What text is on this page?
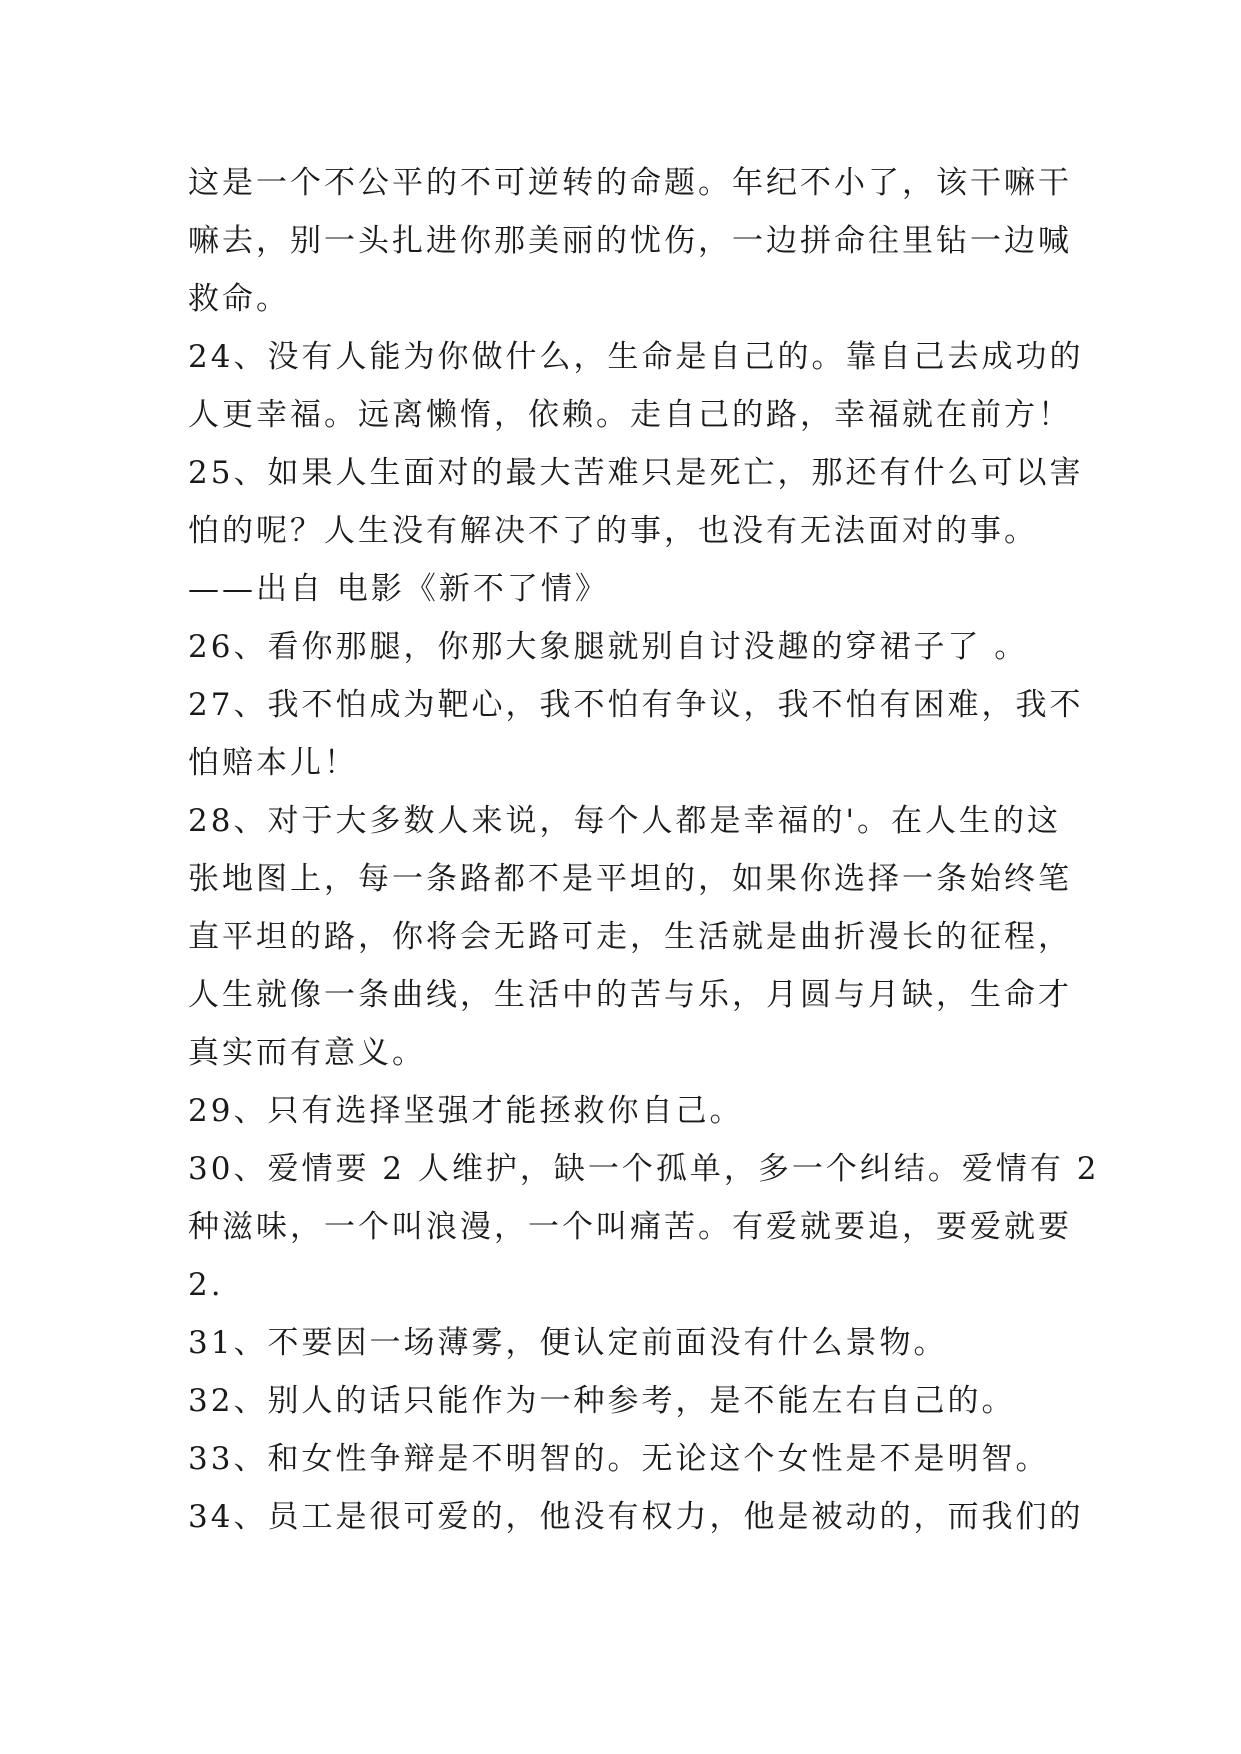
这是一个不公平的不可逆转的命题。年纪不小了，该干嘛干
嘛去，别一头扎进你那美丽的忧伤，一边拼命往里钻一边喊
救命。
24、没有人能为你做什么，生命是自己的。靠自己去成功的
人更幸福。远离懒惰，依赖。走自己的路，幸福就在前方！
25、如果人生面对的最大苦难只是死亡，那还有什么可以害
怕的呢？人生没有解决不了的事，也没有无法面对的事。
——出自 电影《新不了情》
26、看你那腿，你那大象腿就别自讨没趣的穿裙子了 。
27、我不怕成为靶心，我不怕有争议，我不怕有困难，我不
怕赔本儿！
28、对于大多数人来说，每个人都是幸福的'。在人生的这
张地图上，每一条路都不是平坦的，如果你选择一条始终笔
直平坦的路，你将会无路可走，生活就是曲折漫长的征程，
人生就像一条曲线，生活中的苦与乐，月圆与月缺，生命才
真实而有意义。
29、只有选择坚强才能拯救你自己。
30、爱情要 2 人维护，缺一个孤单，多一个纠结。爱情有 2
种滋味，一个叫浪漫，一个叫痛苦。有爱就要追，要爱就要
2.
31、不要因一场薄雾，便认定前面没有什么景物。
32、别人的话只能作为一种参考，是不能左右自己的。
33、和女性争辩是不明智的。无论这个女性是不是明智。
34、员工是很可爱的，他没有权力，他是被动的，而我们的
